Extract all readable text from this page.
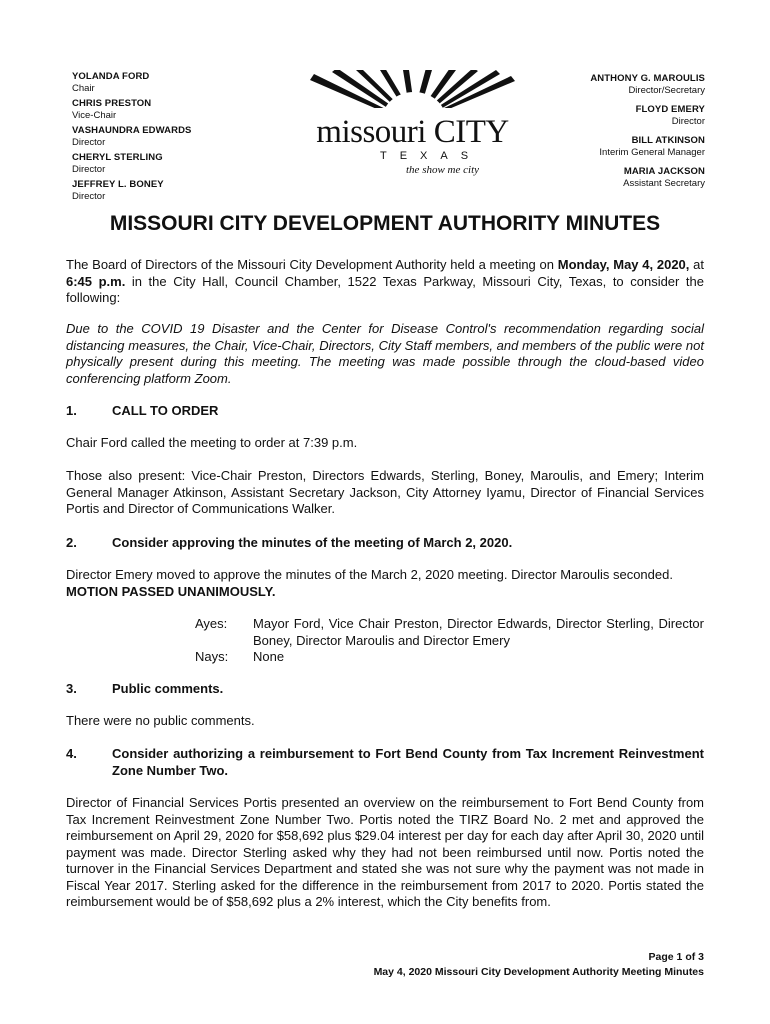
YOLANDA FORD
Chair
CHRIS PRESTON
Vice-Chair
VASHAUNDRA EDWARDS
Director
CHERYL STERLING
Director
JEFFREY L. BONEY
Director
missouri CITY
TEXAS
the show me city
ANTHONY G. MAROULIS
Director/Secretary
FLOYD EMERY
Director
BILL ATKINSON
Interim General Manager
MARIA JACKSON
Assistant Secretary
MISSOURI CITY DEVELOPMENT AUTHORITY MINUTES
The Board of Directors of the Missouri City Development Authority held a meeting on Monday, May 4, 2020, at 6:45 p.m. in the City Hall, Council Chamber, 1522 Texas Parkway, Missouri City, Texas, to consider the following:
Due to the COVID 19 Disaster and the Center for Disease Control's recommendation regarding social distancing measures, the Chair, Vice-Chair, Directors, City Staff members, and members of the public were not physically present during this meeting. The meeting was made possible through the cloud-based video conferencing platform Zoom.
1.	CALL TO ORDER
Chair Ford called the meeting to order at 7:39 p.m.
Those also present: Vice-Chair Preston, Directors Edwards, Sterling, Boney, Maroulis, and Emery; Interim General Manager Atkinson, Assistant Secretary Jackson, City Attorney Iyamu, Director of Financial Services Portis and Director of Communications Walker.
2.	Consider approving the minutes of the meeting of March 2, 2020.
Director Emery moved to approve the minutes of the March 2, 2020 meeting. Director Maroulis seconded.
MOTION PASSED UNANIMOUSLY.
Ayes:	Mayor Ford, Vice Chair Preston, Director Edwards, Director Sterling, Director Boney, Director Maroulis and Director Emery
Nays:	None
3.	Public comments.
There were no public comments.
4.	Consider authorizing a reimbursement to Fort Bend County from Tax Increment Reinvestment Zone Number Two.
Director of Financial Services Portis presented an overview on the reimbursement to Fort Bend County from Tax Increment Reinvestment Zone Number Two. Portis noted the TIRZ Board No. 2 met and approved the reimbursement on April 29, 2020 for $58,692 plus $29.04 interest per day for each day after April 30, 2020 until payment was made. Director Sterling asked why they had not been reimbursed until now. Portis noted the turnover in the Financial Services Department and stated she was not sure why the payment was not made in Fiscal Year 2017. Sterling asked for the difference in the reimbursement from 2017 to 2020. Portis stated the reimbursement would be of $58,692 plus a 2% interest, which the City benefits from.
Page 1 of 3
May 4, 2020 Missouri City Development Authority Meeting Minutes
